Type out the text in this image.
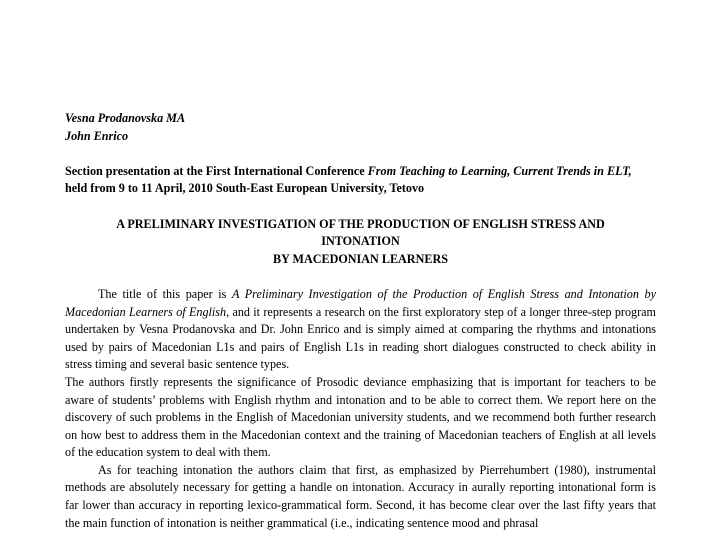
Vesna Prodanovska MA

John Enrico

Section presentation at the First International Conference From Teaching to Learning, Current Trends in ELT, held from 9 to 11 April, 2010 South-East European University, Tetovo

A PRELIMINARY INVESTIGATION OF THE PRODUCTION OF ENGLISH STRESS AND
INTONATION
BY MACEDONIAN LEARNERS

The title of this paper is A Preliminary Investigation of the Production of English Stress and Intonation by Macedonian Learners of English, and it represents a research on the first exploratory step of a longer three-step program undertaken by Vesna Prodanovska and Dr. John Enrico and is simply aimed at comparing the rhythms and intonations used by pairs of Macedonian L1s and pairs of English L1s in reading short dialogues constructed to check ability in stress timing and several basic sentence types.

The authors firstly represents the significance of Prosodic deviance emphasizing that is important for teachers to be aware of students’ problems with English rhythm and intonation and to be able to correct them. We report here on the discovery of such problems in the English of Macedonian university students, and we recommend both further research on how best to address them in the Macedonian context and the training of Macedonian teachers of English at all levels of the education system to deal with them.

As for teaching intonation the authors claim that first, as emphasized by Pierrehumbert (1980), instrumental methods are absolutely necessary for getting a handle on intonation. Accuracy in aurally reporting intonational form is far lower than accuracy in reporting lexico-grammatical form. Second, it has become clear over the last fifty years that the main function of intonation is neither grammatical (i.e., indicating sentence mood and phrasal
